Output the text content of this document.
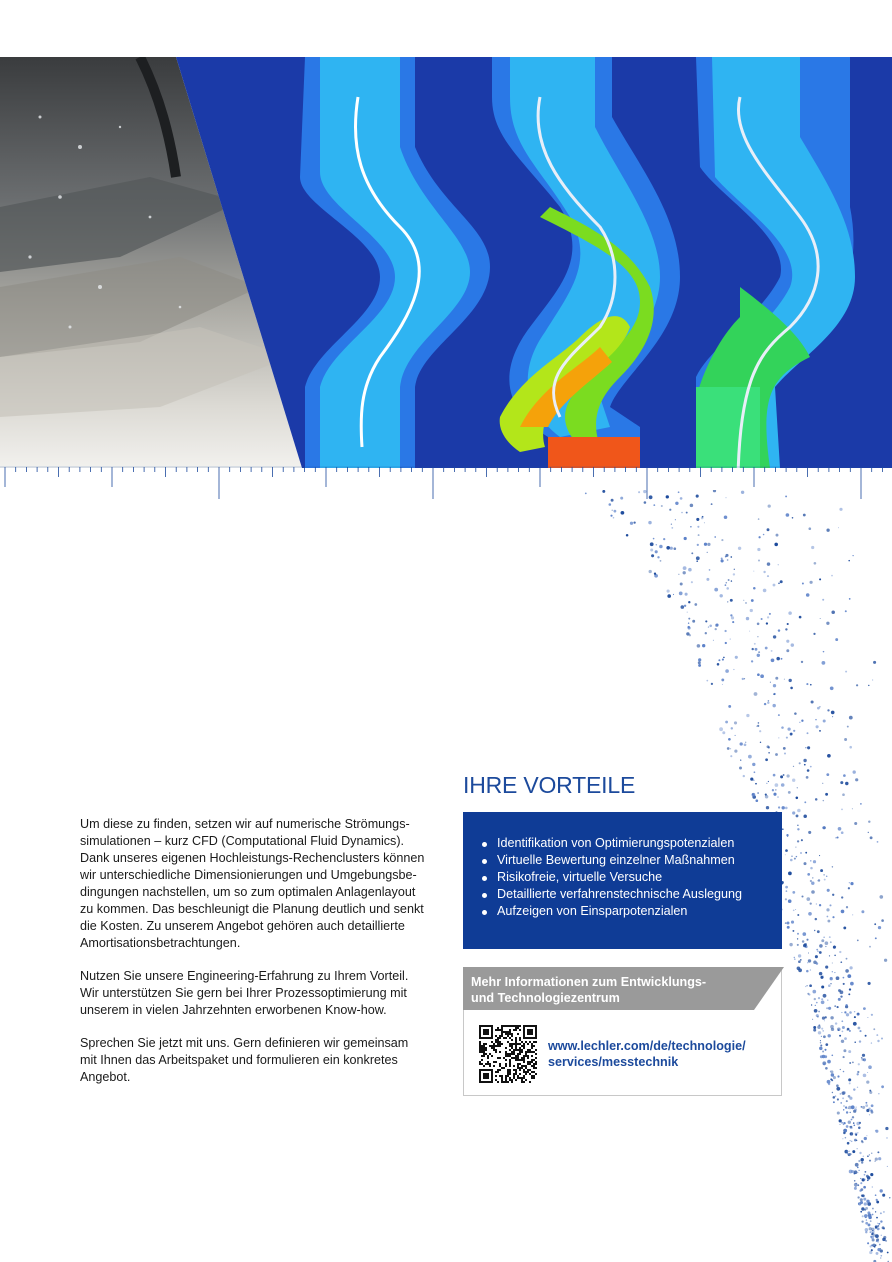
Um diese zu finden, setzen wir auf numerische Strömungs-
simulationen – kurz CFD (Computational Fluid Dynamics).
Dank unseres eigenen Hochleistungs-Rechenclusters können
wir unterschiedliche Dimensionierungen und Umgebungsbe-
dingungen nachstellen, um so zum optimalen Anlagenlayout
zu kommen. Das beschleunigt die Planung deutlich und senkt
die Kosten. Zu unserem Angebot gehören auch detaillierte
Amortisationsbetrachtungen.

Nutzen Sie unsere Engineering-Erfahrung zu Ihrem Vorteil.
Wir unterstützen Sie gern bei Ihrer Prozessoptimierung mit
unserem in vielen Jahrzehnten erworbenen Know-how.

Sprechen Sie jetzt mit uns. Gern definieren wir gemeinsam
mit Ihnen das Arbeitspaket und formulieren ein konkretes
Angebot.

IHRE VORTEILE
Identifikation von Optimierungspotenzialen
Virtuelle Bewertung einzelner Maßnahmen
Risikofreie, virtuelle Versuche
Detaillierte verfahrenstechnische Auslegung
Aufzeigen von Einsparpotenzialen
Mehr Informationen zum Entwicklungs-
und Technologiezentrum
www.lechler.com/de/technologie/
services/messtechnik
